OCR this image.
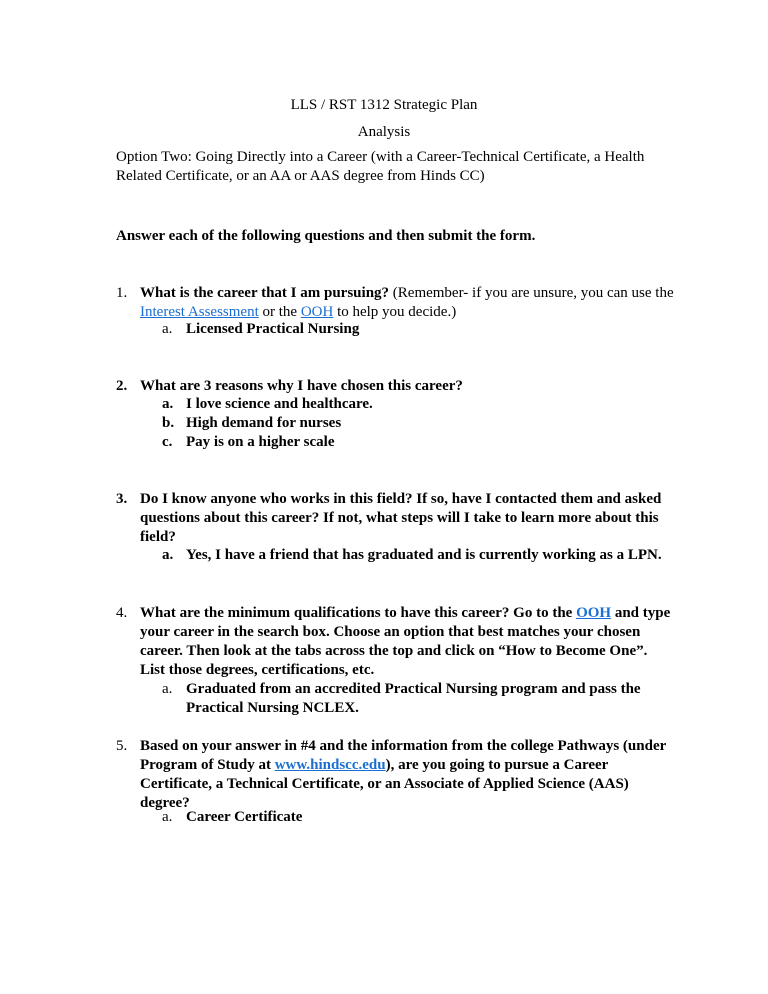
LLS / RST 1312 Strategic Plan
Analysis
Option Two: Going Directly into a Career (with a Career-Technical Certificate, a Health Related Certificate, or an AA or AAS degree from Hinds CC)
Answer each of the following questions and then submit the form.
1. What is the career that I am pursuing? (Remember- if you are unsure, you can use the Interest Assessment or the OOH to help you decide.)
a. Licensed Practical Nursing
2. What are 3 reasons why I have chosen this career?
a. I love science and healthcare.
b. High demand for nurses
c. Pay is on a higher scale
3. Do I know anyone who works in this field? If so, have I contacted them and asked questions about this career? If not, what steps will I take to learn more about this field?
a. Yes, I have a friend that has graduated and is currently working as a LPN.
4. What are the minimum qualifications to have this career? Go to the OOH and type your career in the search box. Choose an option that best matches your chosen career. Then look at the tabs across the top and click on “How to Become One”. List those degrees, certifications, etc.
a. Graduated from an accredited Practical Nursing program and pass the Practical Nursing NCLEX.
5. Based on your answer in #4 and the information from the college Pathways (under Program of Study at www.hindscc.edu), are you going to pursue a Career Certificate, a Technical Certificate, or an Associate of Applied Science (AAS) degree?
a. Career Certificate
